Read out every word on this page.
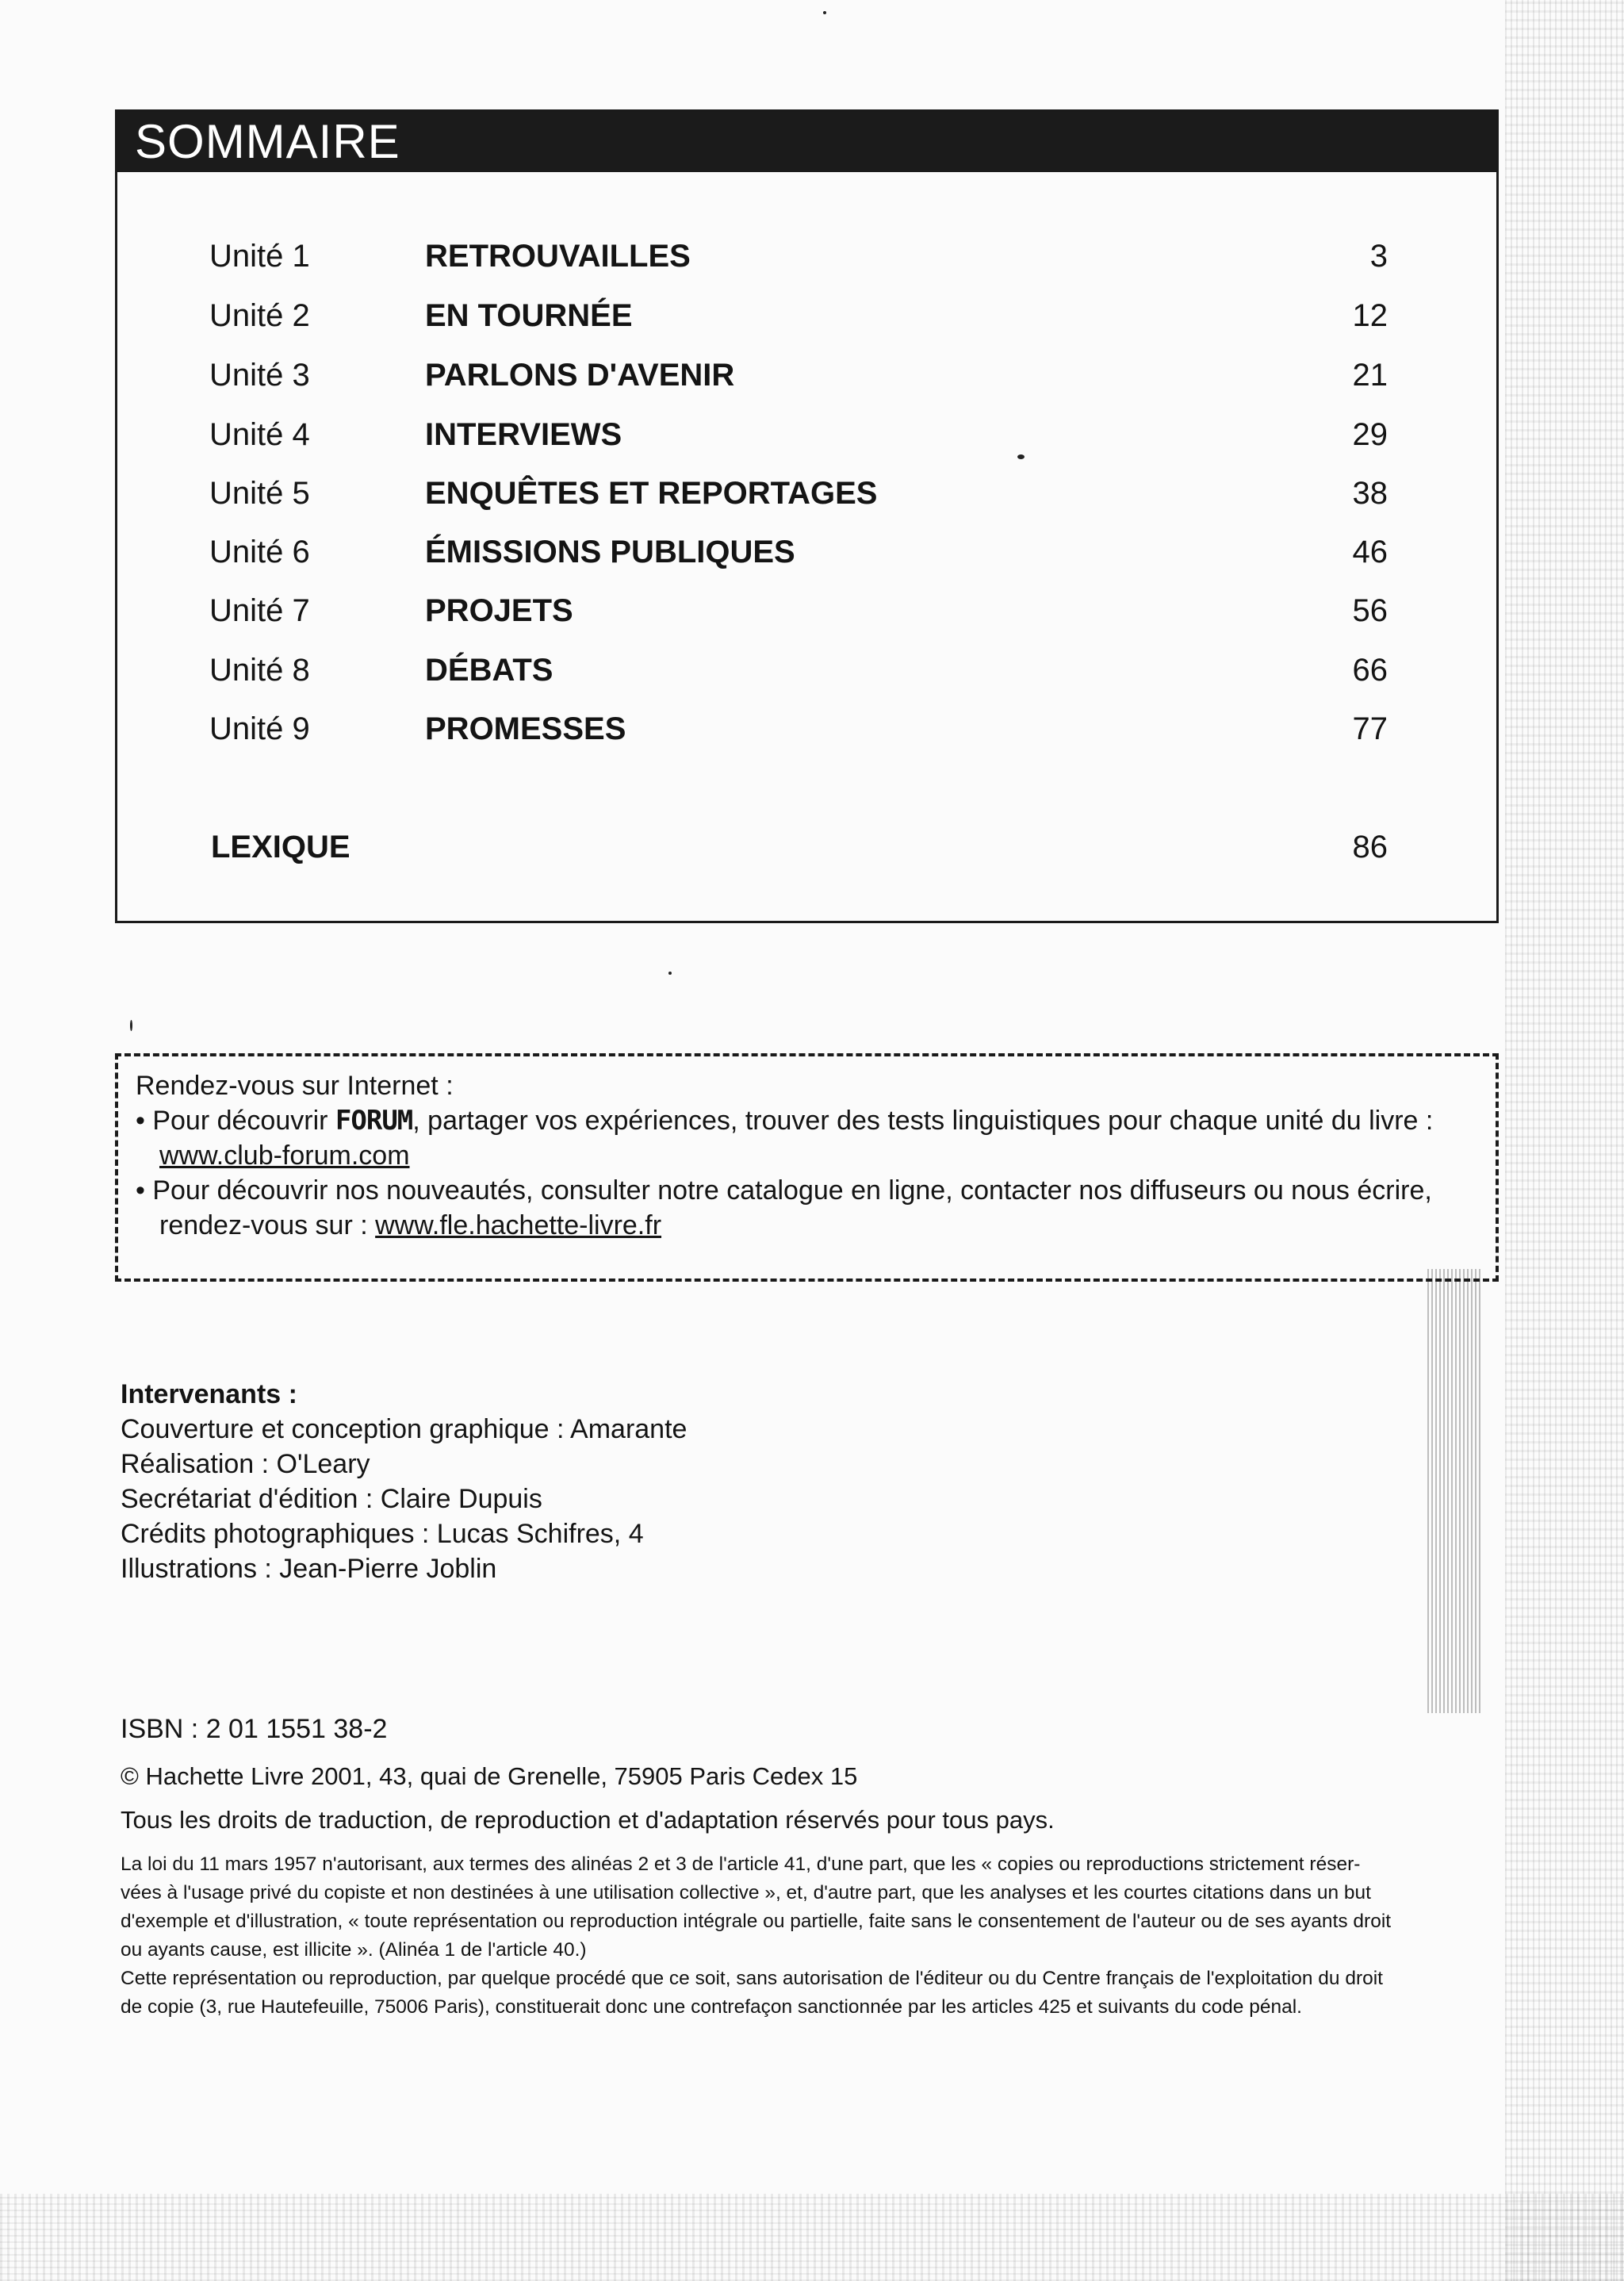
SOMMAIRE
Unité 1	RETROUVAILLES	3
Unité 2	EN TOURNÉE	12
Unité 3	PARLONS D'AVENIR	21
Unité 4	INTERVIEWS	29
Unité 5	ENQUÊTES ET REPORTAGES	38
Unité 6	ÉMISSIONS PUBLIQUES	46
Unité 7	PROJETS	56
Unité 8	DÉBATS	66
Unité 9	PROMESSES	77
LEXIQUE	86

Rendez-vous sur Internet :

• Pour découvrir FORUM, partager vos expériences, trouver des tests linguistiques pour chaque unité du livre :

www.club-forum.com

• Pour découvrir nos nouveautés, consulter notre catalogue en ligne, contacter nos diffuseurs ou nous écrire,

rendez-vous sur : www.fle.hachette-livre.fr

Intervenants :
Couverture et conception graphique : Amarante
Réalisation : O'Leary
Secrétariat d'édition : Claire Dupuis
Crédits photographiques : Lucas Schifres, 4
Illustrations : Jean-Pierre Joblin
ISBN : 2 01 1551 38-2
© Hachette Livre 2001, 43, quai de Grenelle, 75905 Paris Cedex 15
Tous les droits de traduction, de reproduction et d'adaptation réservés pour tous pays.

La loi du 11 mars 1957 n'autorisant, aux termes des alinéas 2 et 3 de l'article 41, d'une part, que les « copies ou reproductions strictement réser-

vées à l'usage privé du copiste et non destinées à une utilisation collective », et, d'autre part, que les analyses et les courtes citations dans un but

d'exemple et d'illustration, « toute représentation ou reproduction intégrale ou partielle, faite sans le consentement de l'auteur ou de ses ayants droit

ou ayants cause, est illicite ». (Alinéa 1 de l'article 40.)

Cette représentation ou reproduction, par quelque procédé que ce soit, sans autorisation de l'éditeur ou du Centre français de l'exploitation du droit

de copie (3, rue Hautefeuille, 75006 Paris), constituerait donc une contrefaçon sanctionnée par les articles 425 et suivants du code pénal.
